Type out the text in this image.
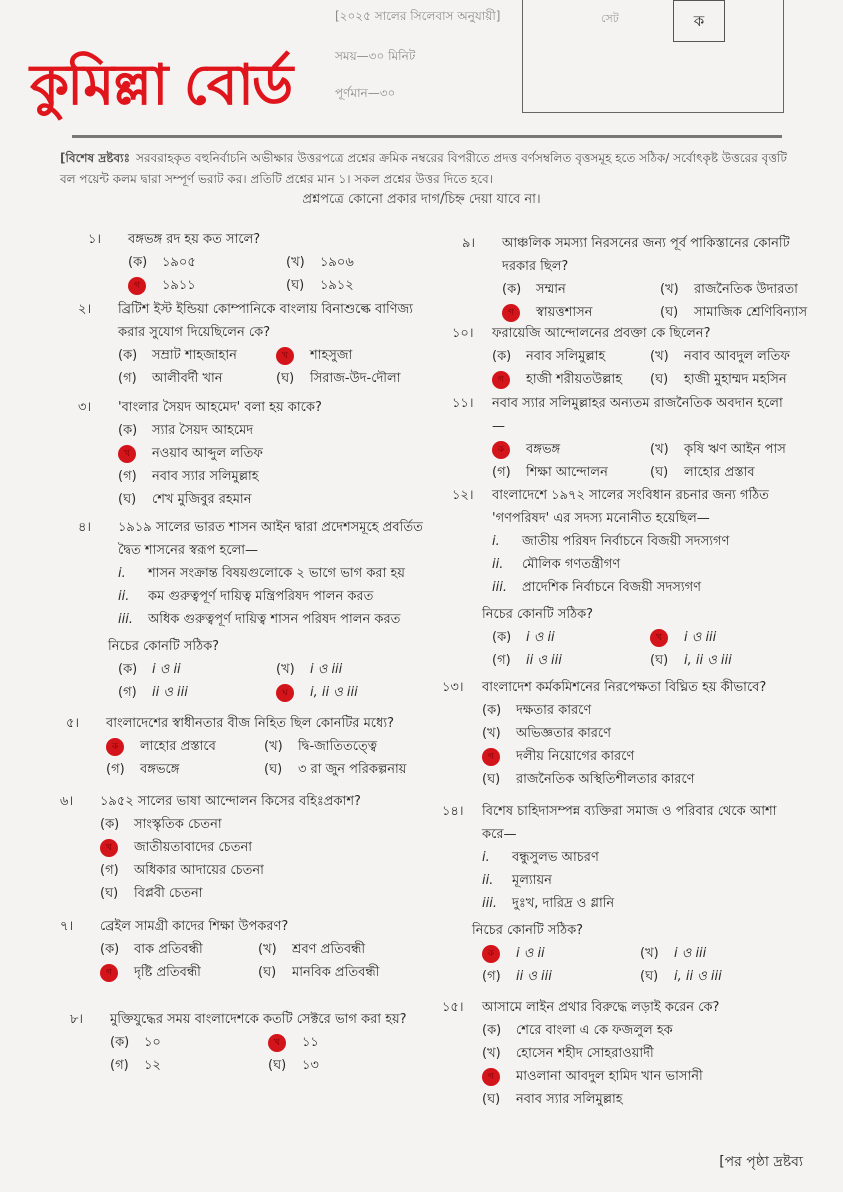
কুমিল্লা বোর্ড
[২০২৫ সালের সিলেবাস অনুযায়ী]
সময়—৩০ মিনিট
পূর্ণমান—৩০
সেট	ক
[বিশেষ দ্রষ্টব্যঃ সরবরাহকৃত বহুনির্বাচনি অভীক্ষার উত্তরপত্রে প্রশ্নের ক্রমিক নম্বরের বিপরীতে প্রদত্ত বর্ণসম্বলিত বৃত্তসমূহ হতে সঠিক/ সর্বোৎকৃষ্ট উত্তরের বৃত্তটি বল পয়েন্ট কলম দ্বারা সম্পূর্ণ ভরাট কর। প্রতিটি প্রশ্নের মান ১। সকল প্রশ্নের উত্তর দিতে হবে।
প্রশ্নপত্রে কোনো প্রকার দাগ/চিহ্ন দেয়া যাবে না।
১।	বঙ্গভঙ্গ রদ হয় কত সালে?
(ক)	১৯০৫	(খ)	১৯০৬
গ	১৯১১	(ঘ)	১৯১২
২।	ব্রিটিশ ইস্ট ইন্ডিয়া কোম্পানিকে বাংলায় বিনাশুল্কে বাণিজ্য করার সুযোগ দিয়েছিলেন কে?
(ক)	সম্রাট শাহজাহান	খ	শাহসুজা
(গ)	আলীবর্দী খান	(ঘ)	সিরাজ-উদ-দৌলা
৩।	'বাংলার সৈয়দ আহমেদ' বলা হয় কাকে?
(ক)	স্যার সৈয়দ আহমেদ
খ	নওয়াব আব্দুল লতিফ
(গ)	নবাব স্যার সলিমুল্লাহ
(ঘ)	শেখ মুজিবুর রহমান
৪।	১৯১৯ সালের ভারত শাসন আইন দ্বারা প্রদেশসমূহে প্রবর্তিত দ্বৈত শাসনের স্বরূপ হলো—
i.	শাসন সংক্রান্ত বিষয়গুলোকে ২ ভাগে ভাগ করা হয়
ii.	কম গুরুত্বপূর্ণ দায়িত্ব মন্ত্রিপরিষদ পালন করত
iii.	অধিক গুরুত্বপূর্ণ দায়িত্ব শাসন পরিষদ পালন করত
নিচের কোনটি সঠিক?
(ক)	i ও ii	(খ)	i ও iii
(গ)	ii ও iii	ঘ	i, ii ও iii
৫।	বাংলাদেশের স্বাধীনতার বীজ নিহিত ছিল কোনটির মধ্যে?
ক	লাহোর প্রস্তাবে	(খ)	দ্বি-জাতিতত্ত্বে
(গ)	বঙ্গভঙ্গে	(ঘ)	৩ রা জুন পরিকল্পনায়
৬।	১৯৫২ সালের ভাষা আন্দোলন কিসের বহিঃপ্রকাশ?
(ক)	সাংস্কৃতিক চেতনা
খ	জাতীয়তাবাদের চেতনা
(গ)	অধিকার আদায়ের চেতনা
(ঘ)	বিপ্লবী চেতনা
৭।	ব্রেইল সামগ্রী কাদের শিক্ষা উপকরণ?
(ক)	বাক প্রতিবন্ধী	(খ)	শ্রবণ প্রতিবন্ধী
গ	দৃষ্টি প্রতিবন্ধী	(ঘ)	মানবিক প্রতিবন্ধী
৮।	মুক্তিযুদ্ধের সময় বাংলাদেশকে কতটি সেক্টরে ভাগ করা হয়?
(ক)	১০	খ	১১
(গ)	১২	(ঘ)	১৩
৯।	আঞ্চলিক সমস্যা নিরসনের জন্য পূর্ব পাকিস্তানের কোনটি দরকার ছিল?
(ক)	সম্মান	(খ)	রাজনৈতিক উদারতা
গ	স্বায়ত্তশাসন	(ঘ)	সামাজিক শ্রেণিবিন্যাস
১০।	ফরায়েজি আন্দোলনের প্রবক্তা কে ছিলেন?
(ক)	নবাব সলিমুল্লাহ	(খ)	নবাব আবদুল লতিফ
গ	হাজী শরীয়তউল্লাহ (ঘ)	হাজী মুহাম্মদ মহসিন
১১।	নবাব স্যার সলিমুল্লাহর অন্যতম রাজনৈতিক অবদান হলো—
ক	বঙ্গভঙ্গ	(খ)	কৃষি ঋণ আইন পাস
(গ)	শিক্ষা আন্দোলন	(ঘ)	লাহোর প্রস্তাব
১২।	বাংলাদেশে ১৯৭২ সালের সংবিধান রচনার জন্য গঠিত 'গণপরিষদ' এর সদস্য মনোনীত হয়েছিল—
i.	জাতীয় পরিষদ নির্বাচনে বিজয়ী সদস্যগণ
ii.	মৌলিক গণতন্ত্রীগণ
iii.	প্রাদেশিক নির্বাচনে বিজয়ী সদস্যগণ
নিচের কোনটি সঠিক?
(ক)	i ও ii	খ	i ও iii
(গ)	ii ও iii	(ঘ)	i, ii ও iii
১৩।	বাংলাদেশ কর্মকমিশনের নিরপেক্ষতা বিঘ্নিত হয় কীভাবে?
(ক)	দক্ষতার কারণে
(খ)	অভিজ্ঞতার কারণে
গ	দলীয় নিয়োগের কারণে
(ঘ)	রাজনৈতিক অস্থিতিশীলতার কারণে
১৪।	বিশেষ চাহিদাসম্পন্ন ব্যক্তিরা সমাজ ও পরিবার থেকে আশা করে—
i.	বন্ধুসুলভ আচরণ
ii.	মূল্যায়ন
iii.	দুঃখ, দারিদ্র ও গ্লানি
নিচের কোনটি সঠিক?
ক	i ও ii	(খ)	i ও iii
(গ)	ii ও iii	(ঘ)	i, ii ও iii
১৫।	আসামে লাইন প্রথার বিরুদ্ধে লড়াই করেন কে?
(ক)	শেরে বাংলা এ কে ফজলুল হক
(খ)	হোসেন শহীদ সোহরাওয়ার্দী
গ	মাওলানা আবদুল হামিদ খান ভাসানী
(ঘ)	নবাব স্যার সলিমুল্লাহ
[পর পৃষ্ঠা দ্রষ্টব্য
